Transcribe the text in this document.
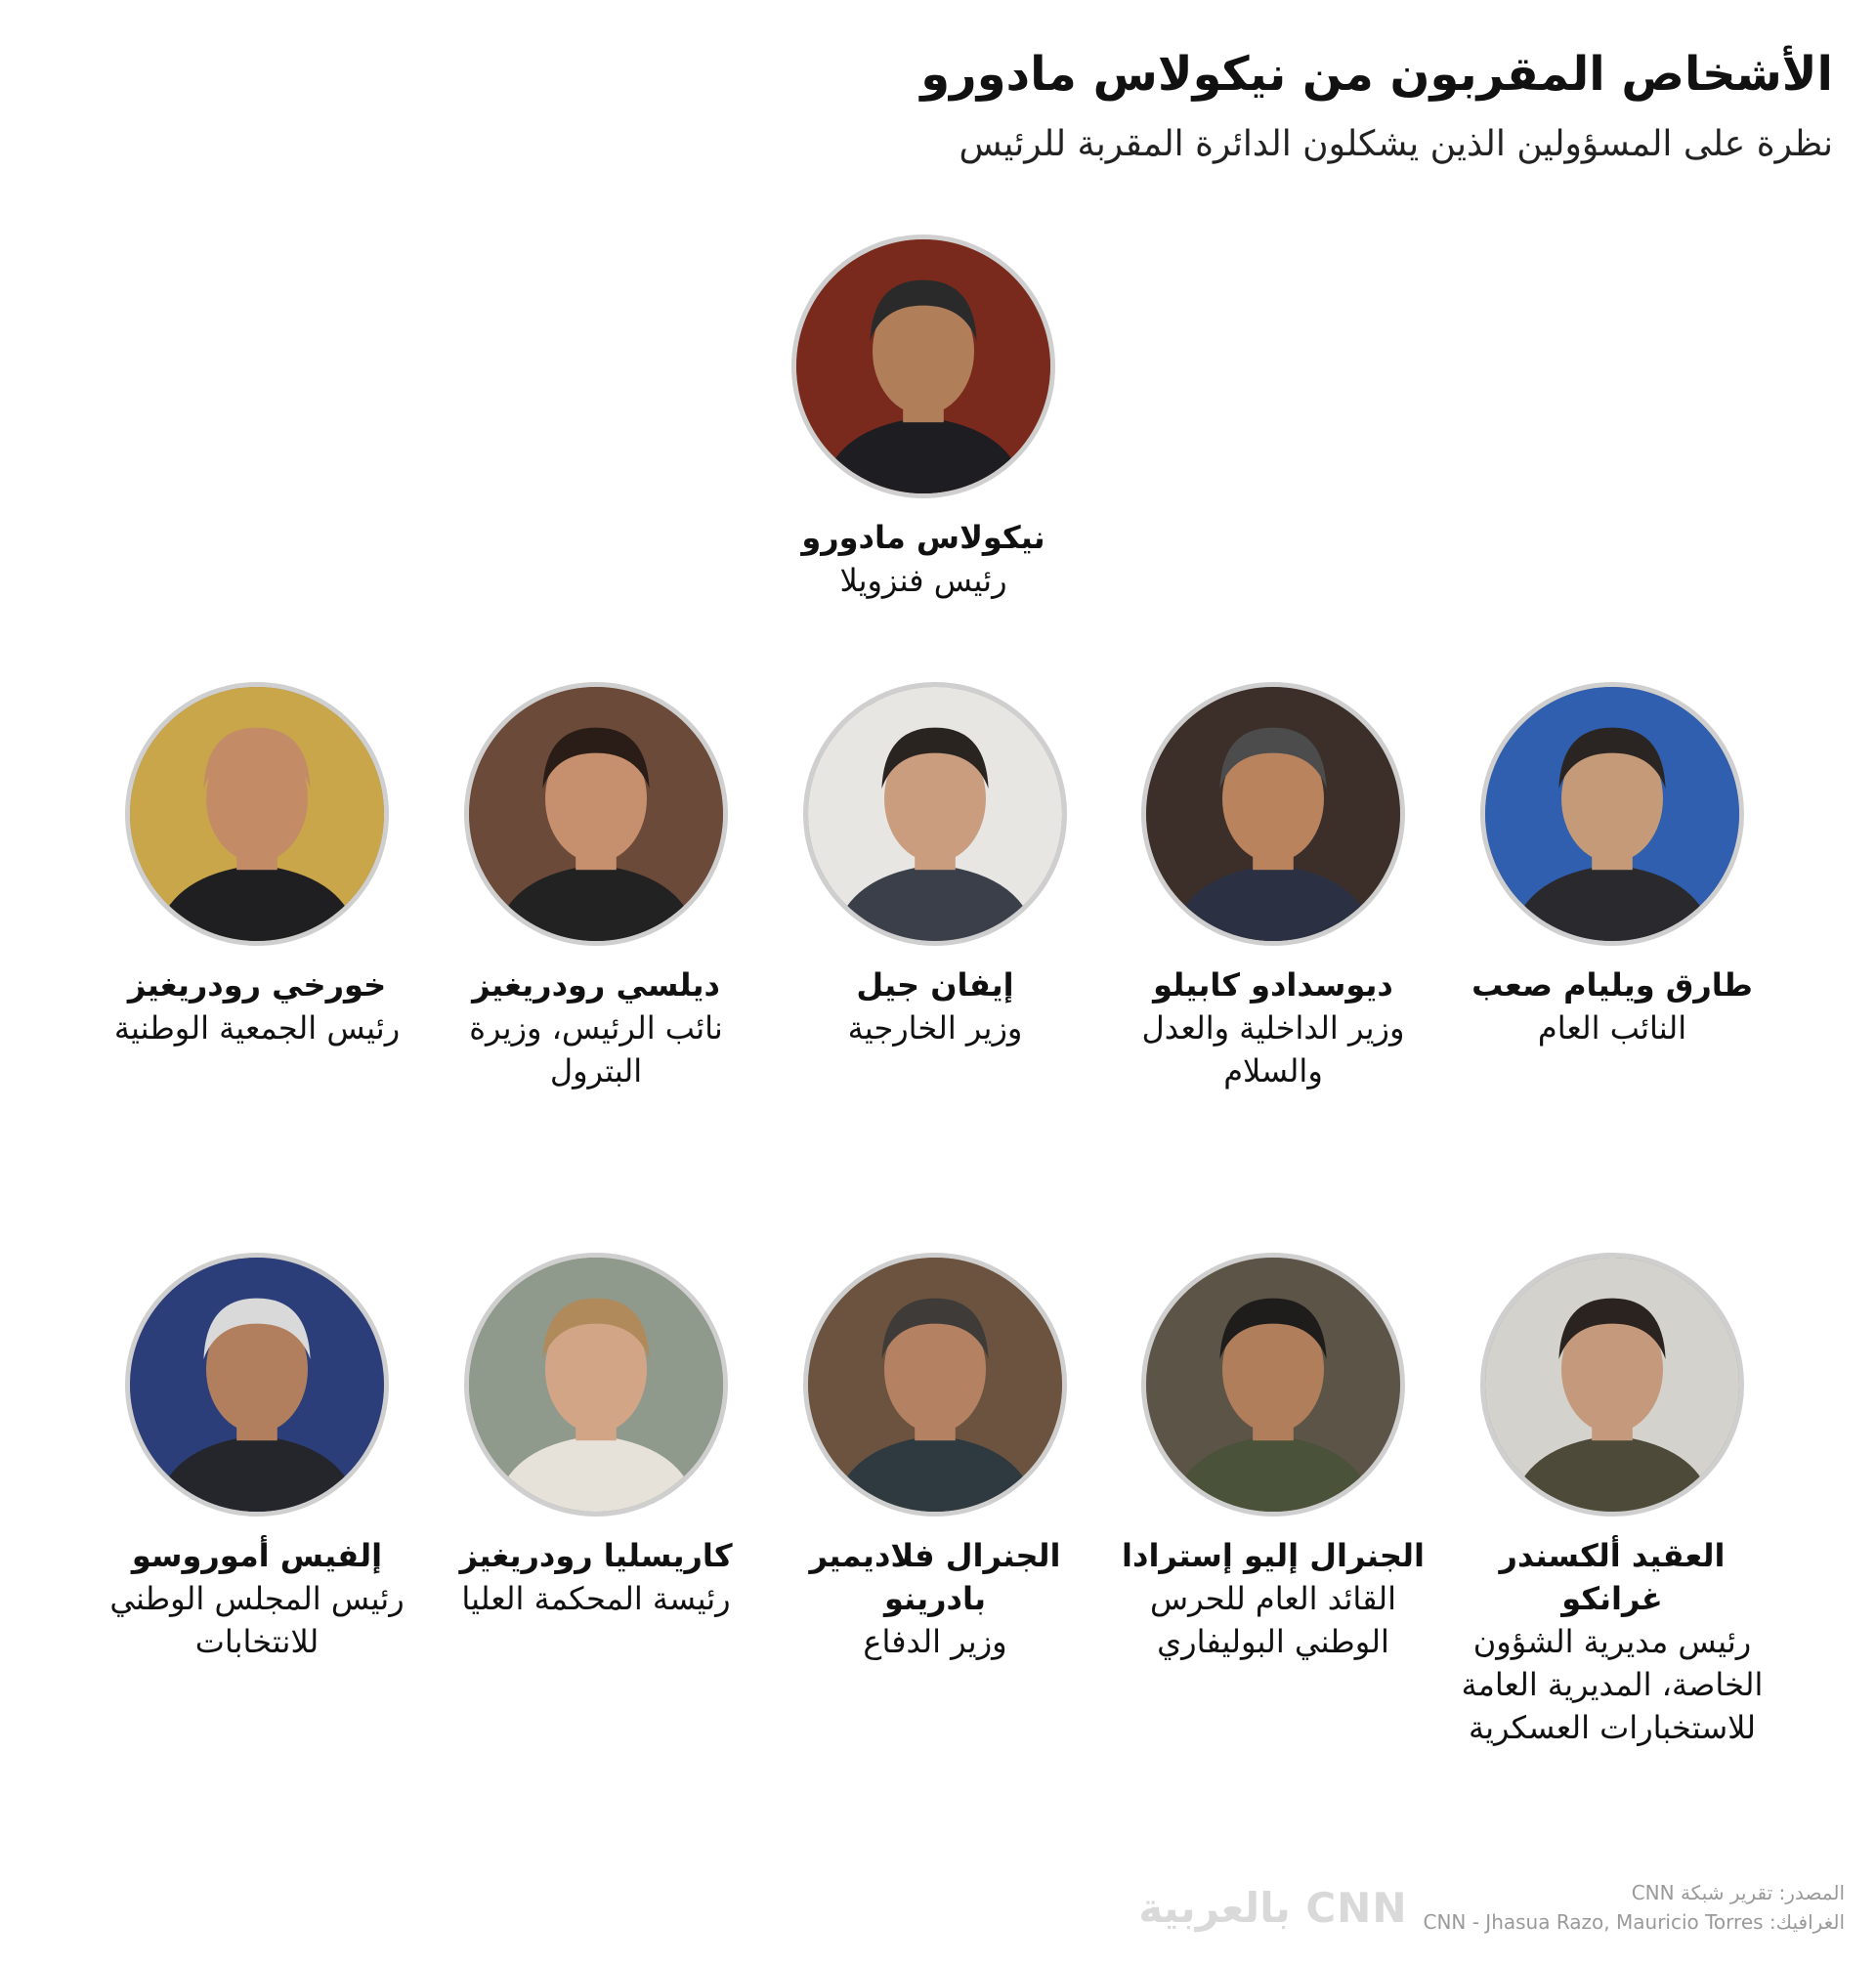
الأشخاص المقربون من نيكولاس مادورو
نظرة على المسؤولين الذين يشكلون الدائرة المقربة للرئيس
نيكولاس مادورو
رئيس فنزويلا
طارق ويليام صعب
النائب العام
ديوسدادو كابيلو
وزير الداخلية والعدل والسلام
إيفان جيل
وزير الخارجية
ديلسي رودريغيز
نائب الرئيس، وزيرة البترول
خورخي رودريغيز
رئيس الجمعية الوطنية
العقيد ألكسندر غرانكو
رئيس مديرية الشؤون الخاصة، المديرية العامة للاستخبارات العسكرية
الجنرال إليو إسترادا
القائد العام للحرس الوطني البوليفاري
الجنرال فلاديمير بادرينو
وزير الدفاع
كاريسليا رودريغيز
رئيسة المحكمة العليا
إلفيس أموروسو
رئيس المجلس الوطني للانتخابات
المصدر: تقرير شبكة CNN
الغرافيك: CNN - Jhasua Razo, Mauricio Torres
CNN بالعربية
